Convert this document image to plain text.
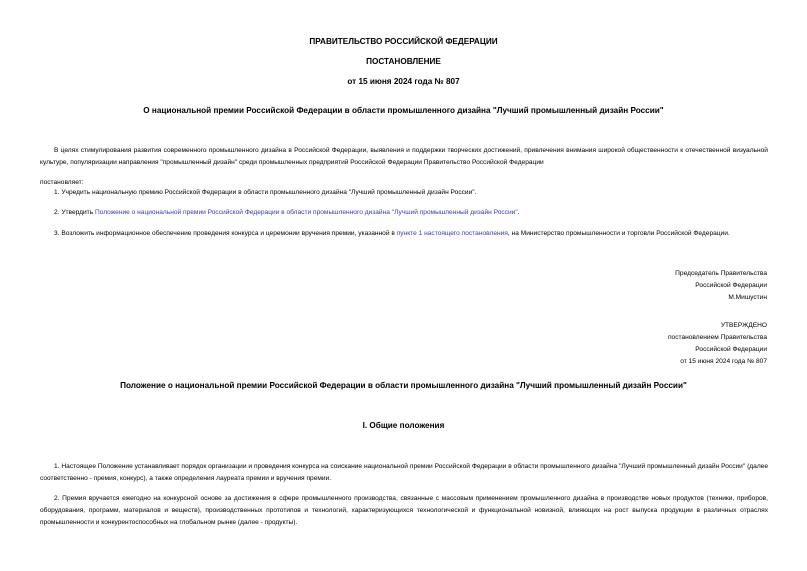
ПРАВИТЕЛЬСТВО РОССИЙСКОЙ ФЕДЕРАЦИИ
ПОСТАНОВЛЕНИЕ
от 15 июня 2024 года № 807
О национальной премии Российской Федерации в области промышленного дизайна "Лучший промышленный дизайн России"
В целях стимулирования развития современного промышленного дизайна в Российской Федерации, выявления и поддержки творческих достижений, привлечения внимания широкой общественности к отечественной визуальной культуре, популяризации направления "промышленный дизайн" среди промышленных предприятий Российской Федерации Правительство Российской Федерации
постановляет:
1. Учредить национальную премию Российской Федерации в области промышленного дизайна "Лучший промышленный дизайн России".
2. Утвердить Положение о национальной премии Российской Федерации в области промышленного дизайна "Лучший промышленный дизайн России".
3. Возложить информационное обеспечение проведения конкурса и церемонии вручения премии, указанной в пункте 1 настоящего постановления, на Министерство промышленности и торговли Российской Федерации.
Председатель Правительства
Российской Федерации
М.Мишустин
УТВЕРЖДЕНО
постановлением Правительства
Российской Федерации
от 15 июня 2024 года № 807
Положение о национальной премии Российской Федерации в области промышленного дизайна "Лучший промышленный дизайн России"
I. Общие положения
1. Настоящее Положение устанавливает порядок организации и проведения конкурса на соискание национальной премии Российской Федерации в области промышленного дизайна "Лучший промышленный дизайн России" (далее соответственно - премия, конкурс), а также определения лауреата премии и вручения премии.
2. Премия вручается ежегодно на конкурсной основе за достижения в сфере промышленного производства, связанные с массовым применением промышленного дизайна в производстве новых продуктов (техники, приборов, оборудования, программ, материалов и веществ), производственных прототипов и технологий, характеризующихся технологической и функциональной новизной, влияющих на рост выпуска продукции в различных отраслях промышленности и конкурентоспособных на глобальном рынке (далее - продукты).
